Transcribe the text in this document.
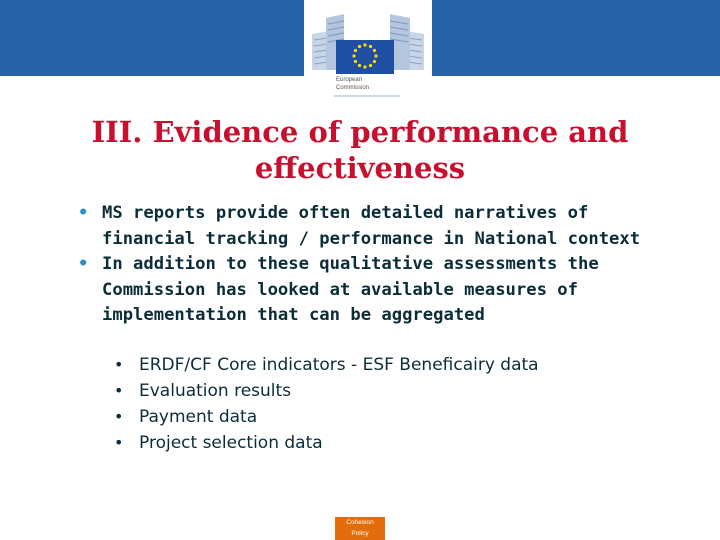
European
Commission
III. Evidence of performance and
effectiveness
• MS reports provide often detailed narratives of financial tracking / performance in National context
• In addition to these qualitative assessments the Commission has looked at available measures of implementation that can be aggregated
• ERDF/CF Core indicators - ESF Beneficairy data
• Evaluation results
• Payment data
• Project selection data
Cohesion
Policy
